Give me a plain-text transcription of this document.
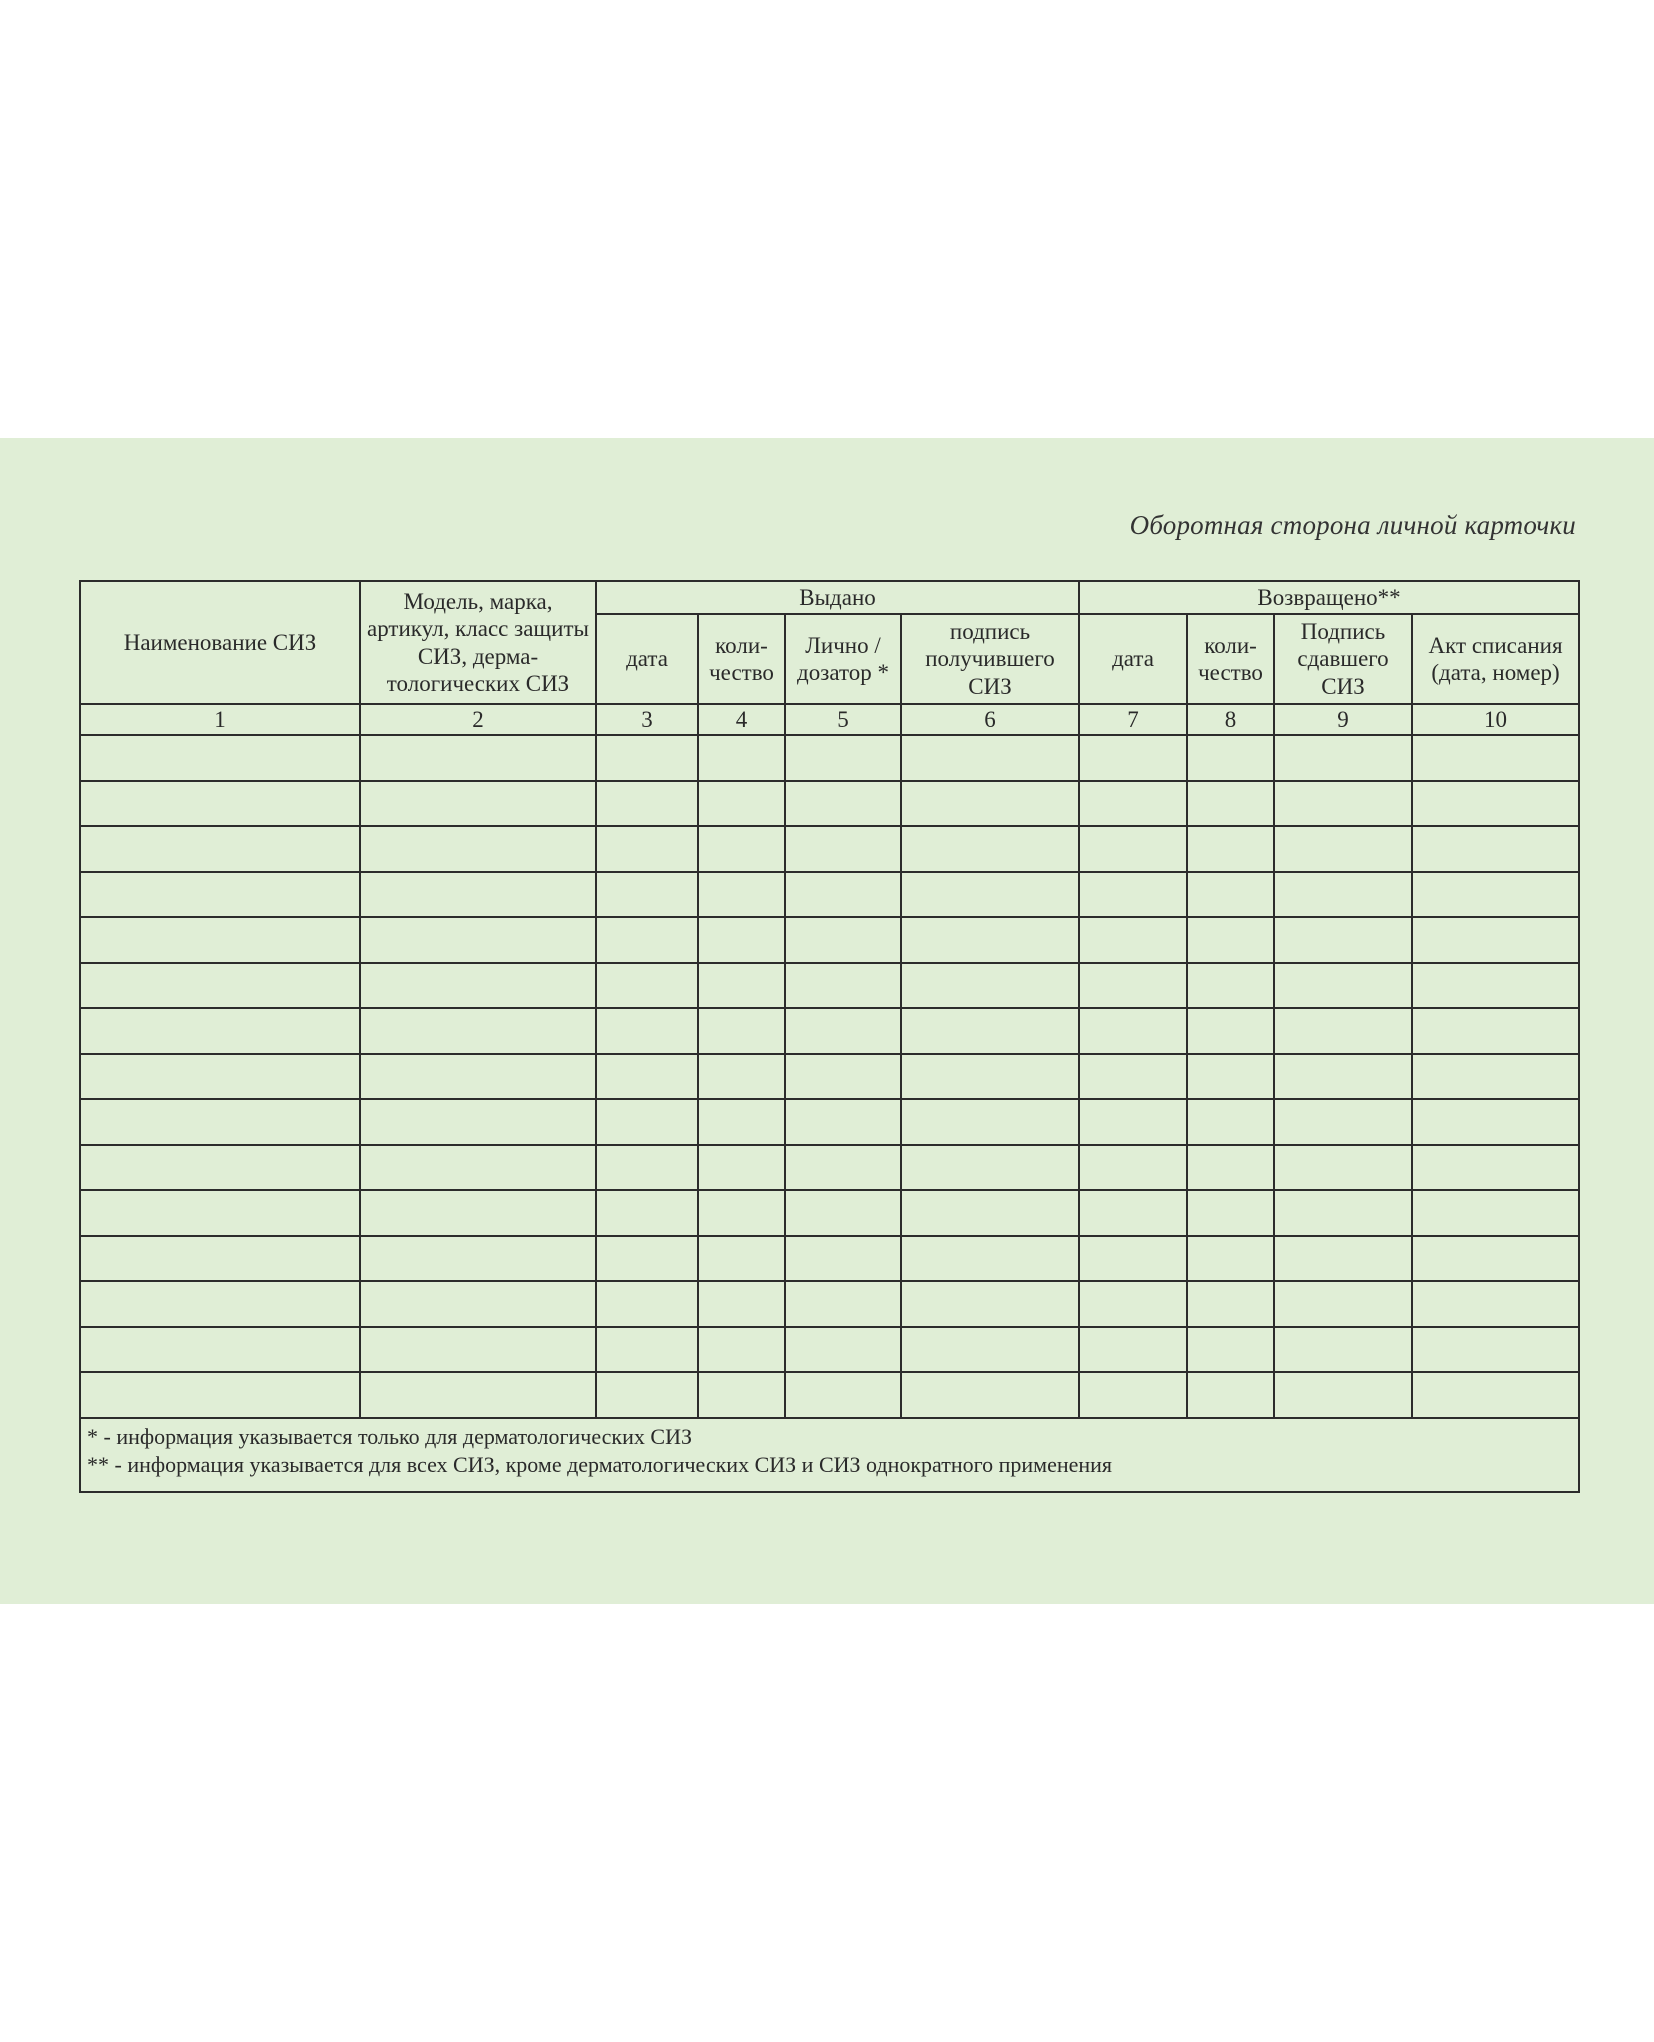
Оборотная сторона личной карточки
Наименование СИЗ	Модель, марка, артикул, класс защиты СИЗ, дерма-тологических СИЗ	Выдано				Возвращено**			
		дата	коли-чество	Лично / дозатор *	подпись получившего СИЗ	дата	коли-чество	Подпись сдавшего СИЗ	Акт списания (дата, номер)
1	2	3	4	5	6	7	8	9	10

* - информация указывается только для дерматологических СИЗ
** - информация указывается для всех СИЗ, кроме дерматологических СИЗ и СИЗ однократного применения									
